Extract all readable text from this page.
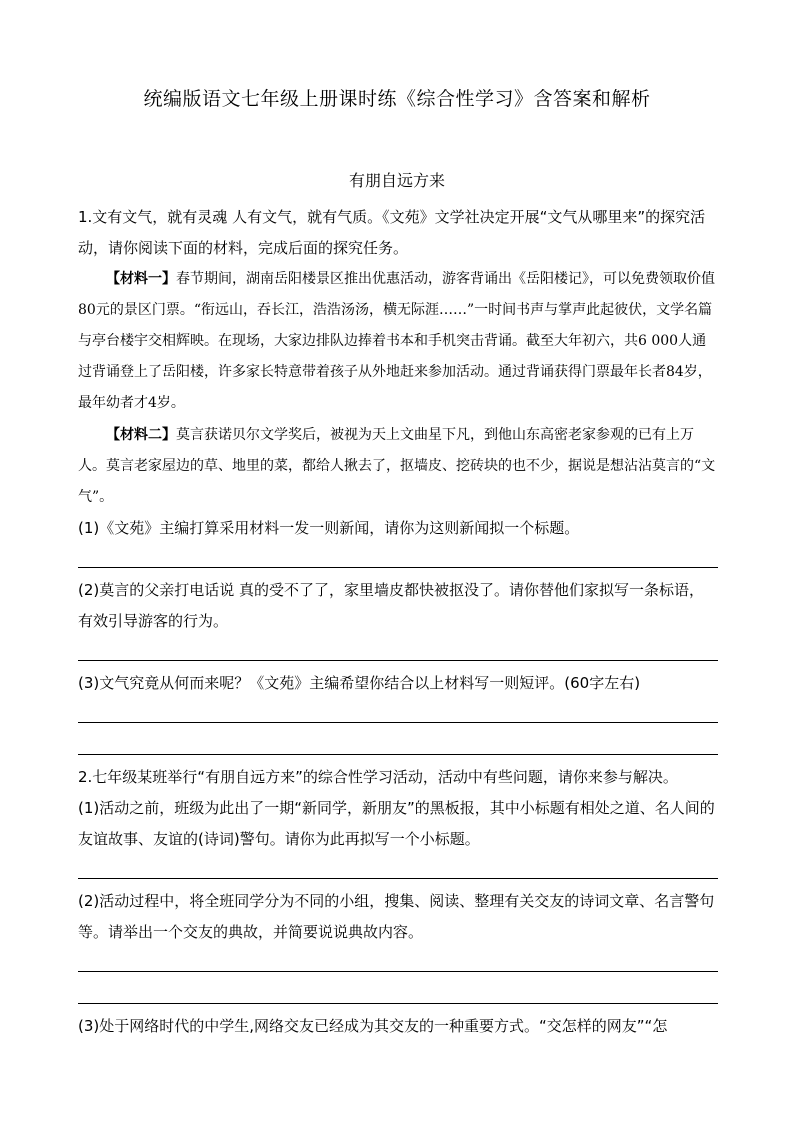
统编版语文七年级上册课时练《综合性学习》含答案和解析
有朋自远方来

1.文有文气，就有灵魂 人有文气，就有气质。《文苑》文学社决定开展“文气从哪里来”的探究活动，请你阅读下面的材料，完成后面的探究任务。

【材料一】春节期间，湖南岳阳楼景区推出优惠活动，游客背诵出《岳阳楼记》，可以免费领取价值80元的景区门票。“衔远山，吞长江，浩浩汤汤，横无际涯……”一时间书声与掌声此起彼伏，文学名篇与亭台楼宇交相辉映。在现场，大家边排队边捧着书本和手机突击背诵。截至大年初六，共6 000人通过背诵登上了岳阳楼，许多家长特意带着孩子从外地赶来参加活动。通过背诵获得门票最年长者84岁，最年幼者才4岁。

【材料二】莫言获诺贝尔文学奖后，被视为天上文曲星下凡，到他山东高密老家参观的已有上万人。莫言老家屋边的草、地里的菜，都给人揪去了，抠墙皮、挖砖块的也不少，据说是想沾沾莫言的“文气”。

(1)《文苑》主编打算采用材料一发一则新闻，请你为这则新闻拟一个标题。

(2)莫言的父亲打电话说 真的受不了了，家里墙皮都快被抠没了。请你替他们家拟写一条标语，有效引导游客的行为。

(3)文气究竟从何而来呢？《文苑》主编希望你结合以上材料写一则短评。(60字左右)

2.七年级某班举行“有朋自远方来”的综合性学习活动，活动中有些问题，请你来参与解决。

(1)活动之前，班级为此出了一期“新同学，新朋友”的黑板报，其中小标题有相处之道、名人间的友谊故事、友谊的(诗词)警句。请你为此再拟写一个小标题。

(2)活动过程中，将全班同学分为不同的小组，搜集、阅读、整理有关交友的诗词文章、名言警句等。请举出一个交友的典故，并简要说说典故内容。

(3)处于网络时代的中学生,网络交友已经成为其交友的一种重要方式。“交怎样的网友”“怎
